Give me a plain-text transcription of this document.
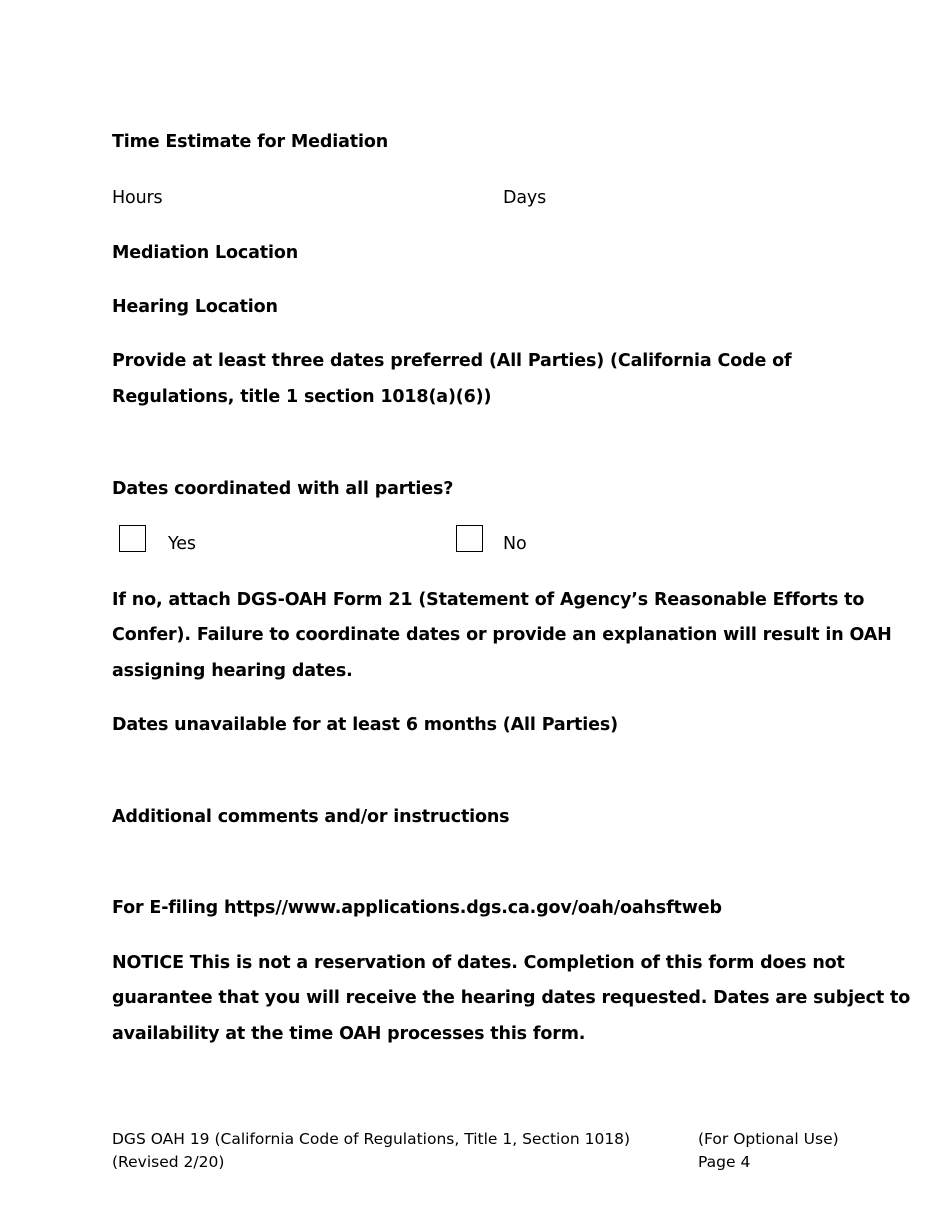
Time Estimate for Mediation
Hours	Days
Mediation Location
Hearing Location
Provide at least three dates preferred (All Parties) (California Code of
Regulations, title 1 section 1018(a)(6))
Dates coordinated with all parties?
Yes	No
If no, attach DGS-OAH Form 21 (Statement of Agency’s Reasonable Efforts to
Confer). Failure to coordinate dates or provide an explanation will result in OAH
assigning hearing dates.
Dates unavailable for at least 6 months (All Parties)
Additional comments and/or instructions
For E-filing https//www.applications.dgs.ca.gov/oah/oahsftweb
NOTICE This is not a reservation of dates. Completion of this form does not
guarantee that you will receive the hearing dates requested. Dates are subject to
availability at the time OAH processes this form.
DGS OAH 19 (California Code of Regulations, Title 1, Section 1018)
(Revised 2/20)
(For Optional Use)
Page 4
